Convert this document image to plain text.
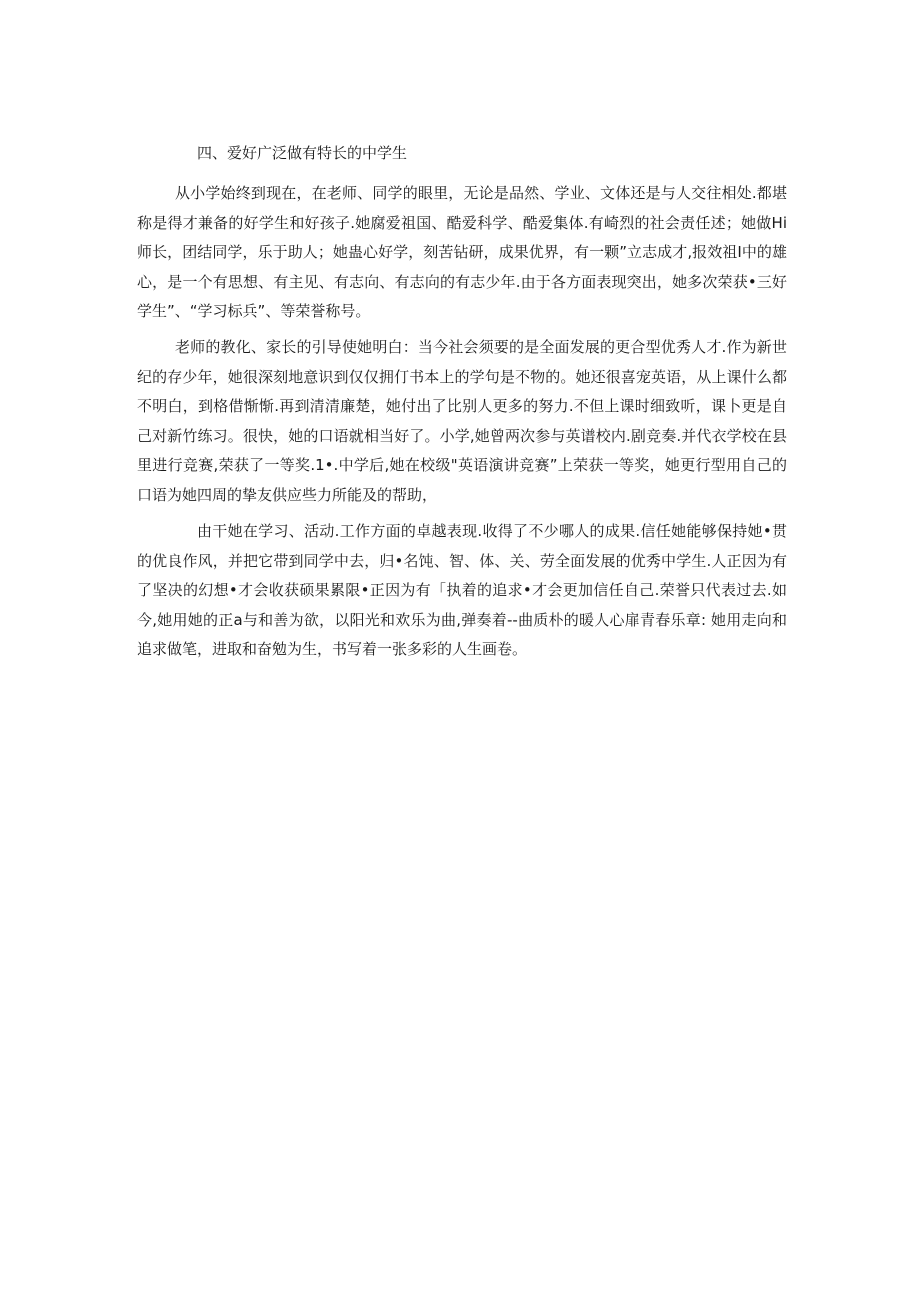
四、爱好广泛做有特长的中学生

从小学始终到现在，在老师、同学的眼里，无论是品然、学业、文体还是与人交往相处.都堪称是得才兼备的好学生和好孩子.她腐爱祖国、酷爱科学、酷爱集体.有崎烈的社会责任述；她做Hi师长，团结同学，乐于助人；她蛊心好学，刻苦钻研，成果优界，有一颗”立志成才,报效祖I中的雄心，是一个有思想、有主见、有志向、有志向的有志少年.由于各方面表现突出，她多次荣获•三好学生”、“学习标兵”、等荣誉称号。

老师的教化、家长的引导使她明白：当今社会须要的是全面发展的更合型优秀人才.作为新世纪的存少年，她很深刻地意识到仅仅拥仃书本上的学句是不物的。她还很喜宠英语，从上课什么都不明白，到格借惭惭.再到清清廉楚，她付出了比别人更多的努力.不但上课时细致听，课卜更是自己对新竹练习。很快，她的口语就相当好了。小学,她曾两次参与英谱校内.剧竞奏.并代衣学校在县里进行竞赛,荣获了一等奖.1•.中学后,她在校级"英语演讲竞赛”上荣获一等奖，她更行型用自己的口语为她四周的挚友供应些力所能及的帮助，

由干她在学习、活动.工作方面的卓越表现.收得了不少哪人的成果.信任她能够保持她•贯的优良作风，并把它带到同学中去，归•名饨、智、体、关、劳全面发展的优秀中学生.人正因为有了坚决的幻想•才会收获硕果累限•正因为有「执着的追求•才会更加信任自己.荣誉只代表过去.如今,她用她的正a与和善为欲，以阳光和欢乐为曲,弹奏着--曲质朴的暖人心扉青春乐章: 她用走向和追求做笔，进取和奋勉为生，书写着一张多彩的人生画卷。
